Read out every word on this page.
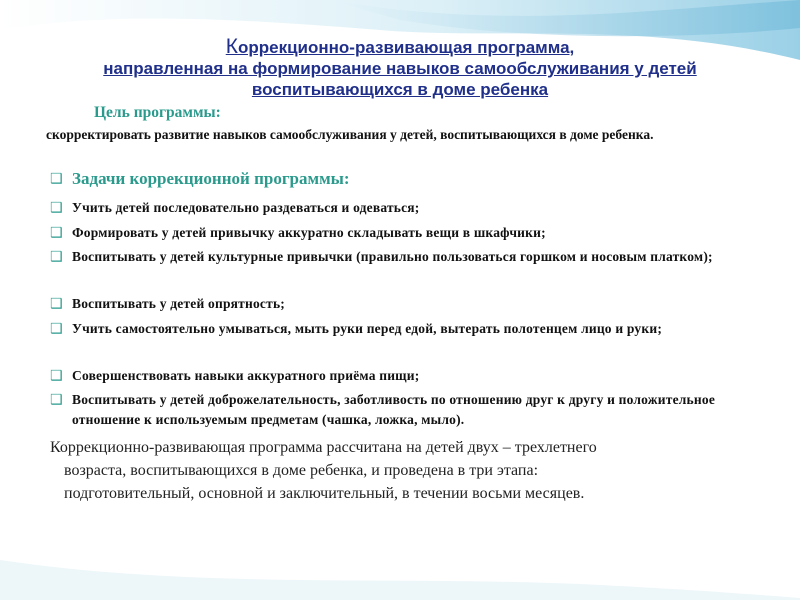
Коррекционно-развивающая программа,
направленная на формирование навыков самообслуживания у детей
воспитывающихся в доме ребенка
Цель программы:
скорректировать развитие навыков самообслуживания у детей, воспитывающихся в доме ребенка.
❑ Задачи коррекционной программы:
❑ Учить детей последовательно раздеваться и одеваться;
❑ Формировать у детей привычку аккуратно складывать вещи в шкафчики;
❑ Воспитывать у детей культурные привычки (правильно пользоваться горшком и носовым платком);
❑ Воспитывать у детей опрятность;
❑ Учить самостоятельно умываться, мыть руки перед едой, вытерать полотенцем лицо и руки;
❑ Совершенствовать навыки аккуратного приёма пищи;
❑ Воспитывать у детей доброжелательность, заботливость по отношению друг к другу и положительное отношение к используемым предметам (чашка, ложка, мыло).
Коррекционно-развивающая программа рассчитана на детей двух – трехлетнего
возраста, воспитывающихся в доме ребенка, и проведена в три этапа:
подготовительный, основной и заключительный, в течении восьми месяцев.
